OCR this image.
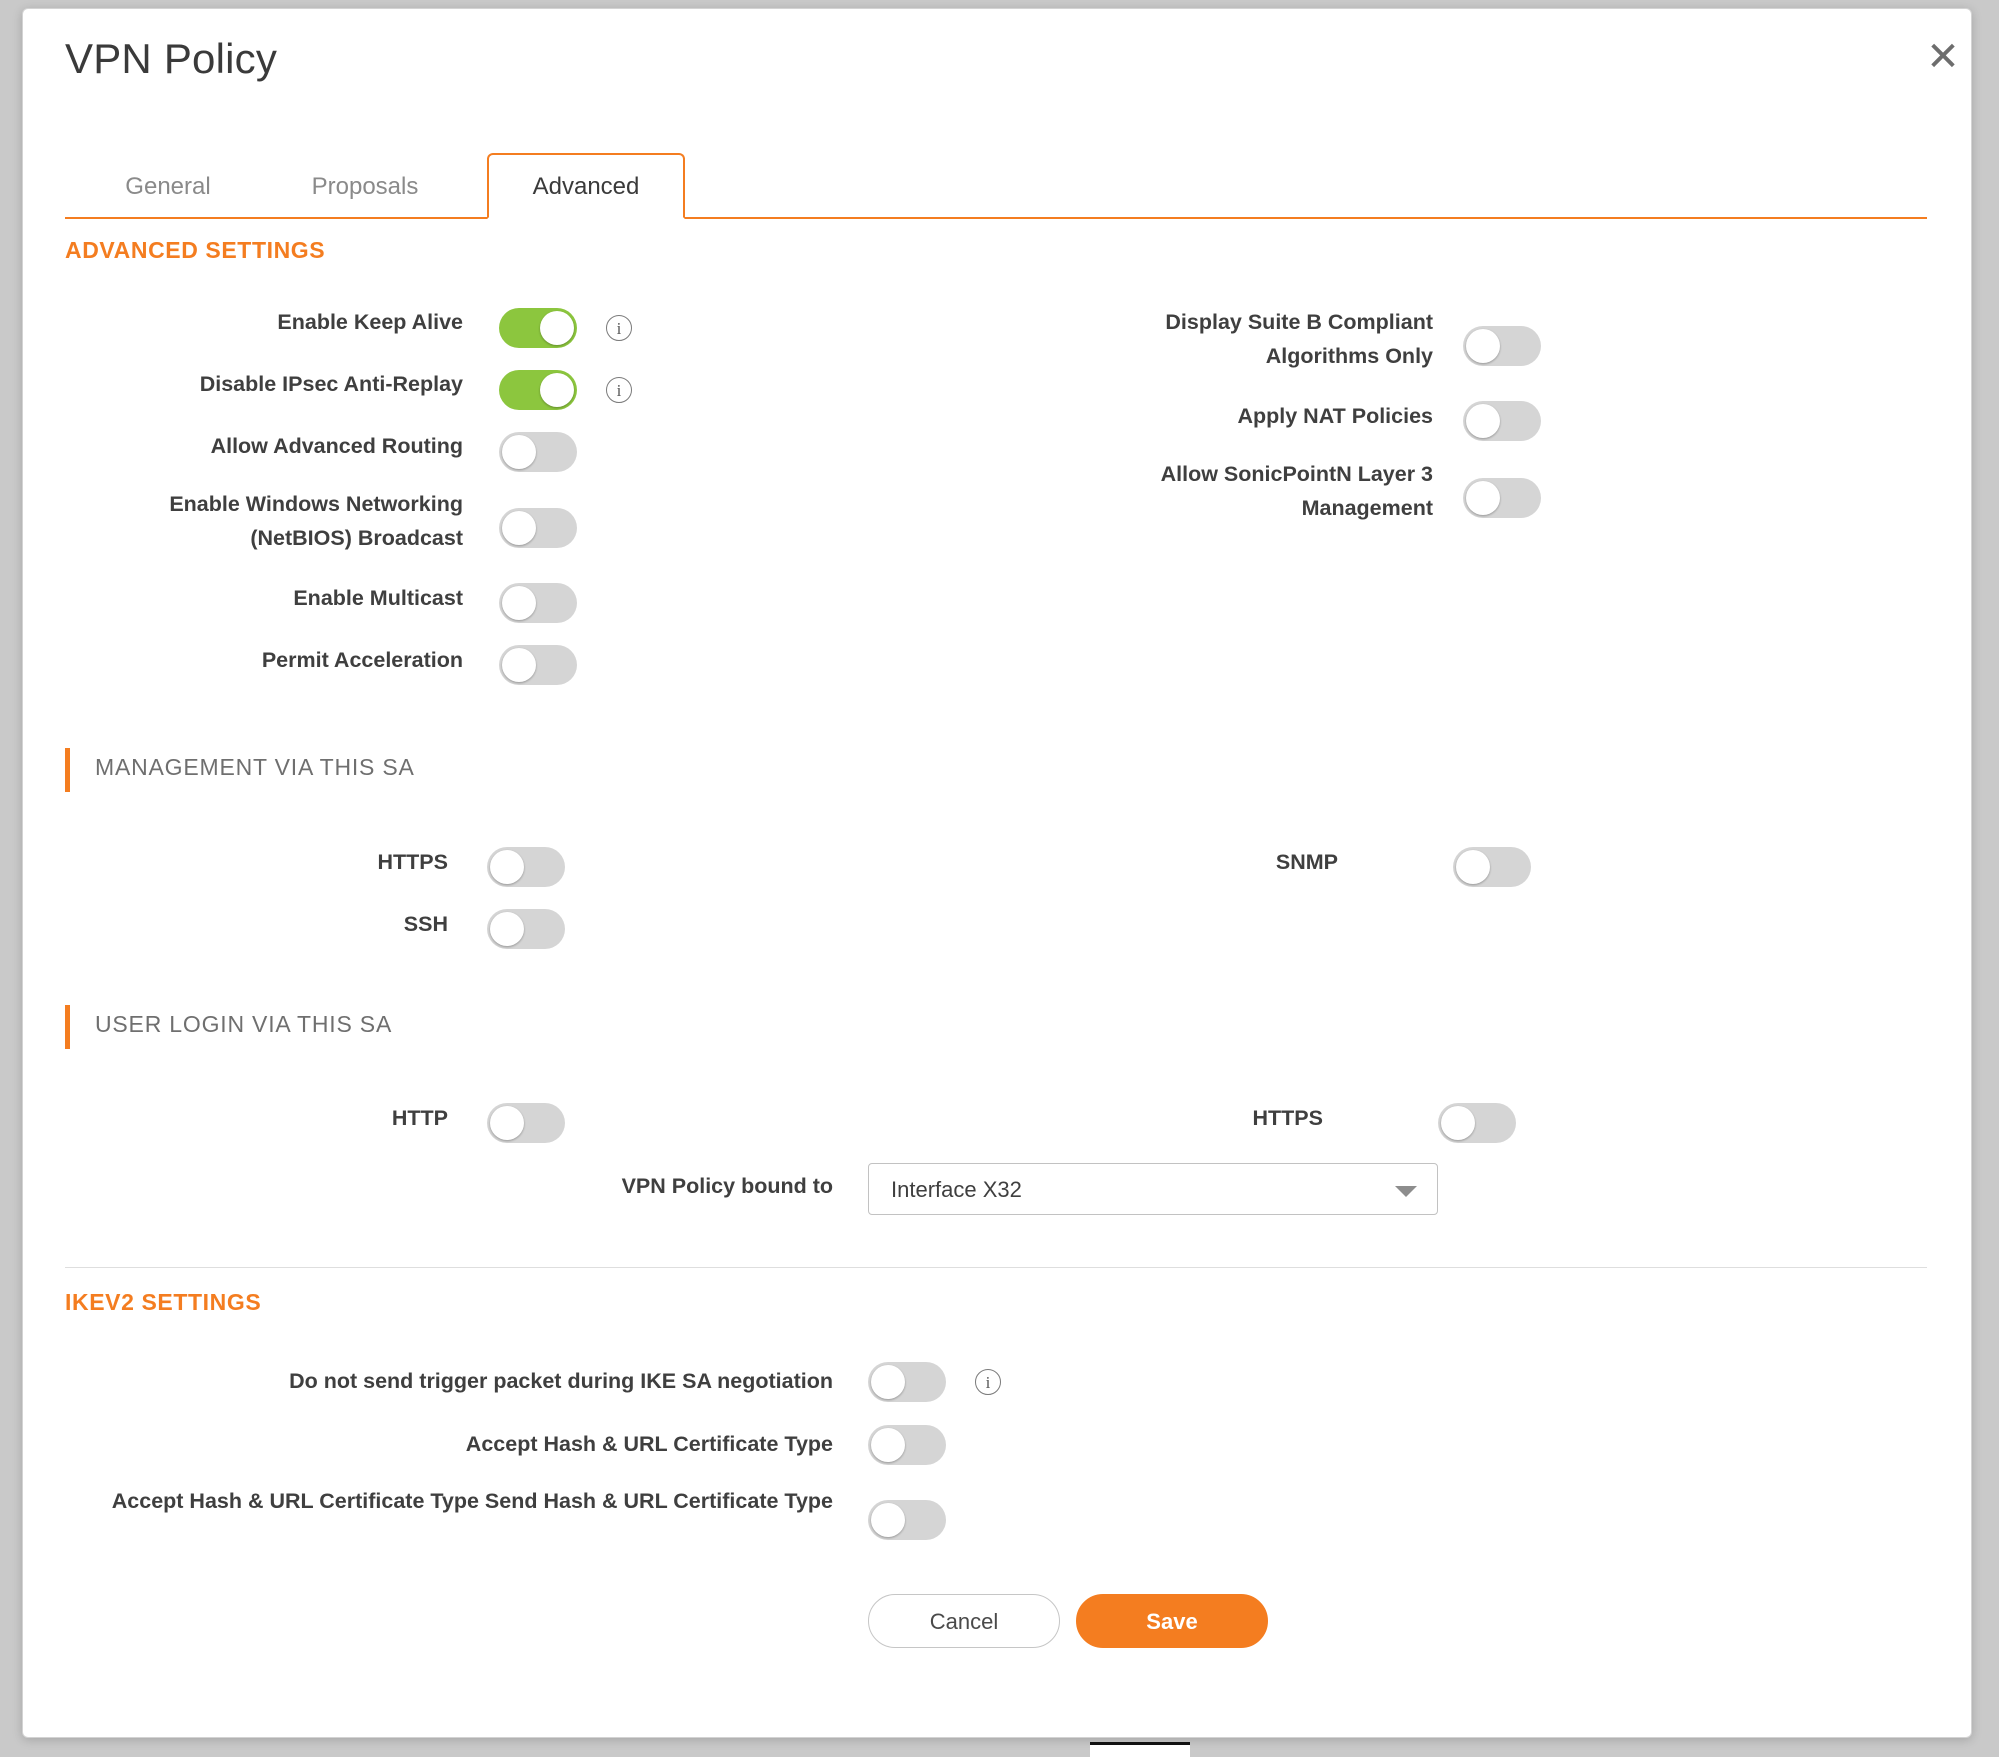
VPN Policy	✕
General	Proposals	Advanced
ADVANCED SETTINGS
Enable Keep Alive	i
Disable IPsec Anti-Replay	i
Allow Advanced Routing
Enable Windows Networking (NetBIOS) Broadcast
Enable Multicast
Permit Acceleration
Display Suite B Compliant Algorithms Only
Apply NAT Policies
Allow SonicPointN Layer 3 Management
MANAGEMENT VIA THIS SA
HTTPS
SSH
SNMP
USER LOGIN VIA THIS SA
HTTP	HTTPS
VPN Policy bound to	Interface X32
IKEV2 SETTINGS
Do not send trigger packet during IKE SA negotiation	i
Accept Hash & URL Certificate Type
Accept Hash & URL Certificate Type Send Hash & URL Certificate Type
Cancel	Save
